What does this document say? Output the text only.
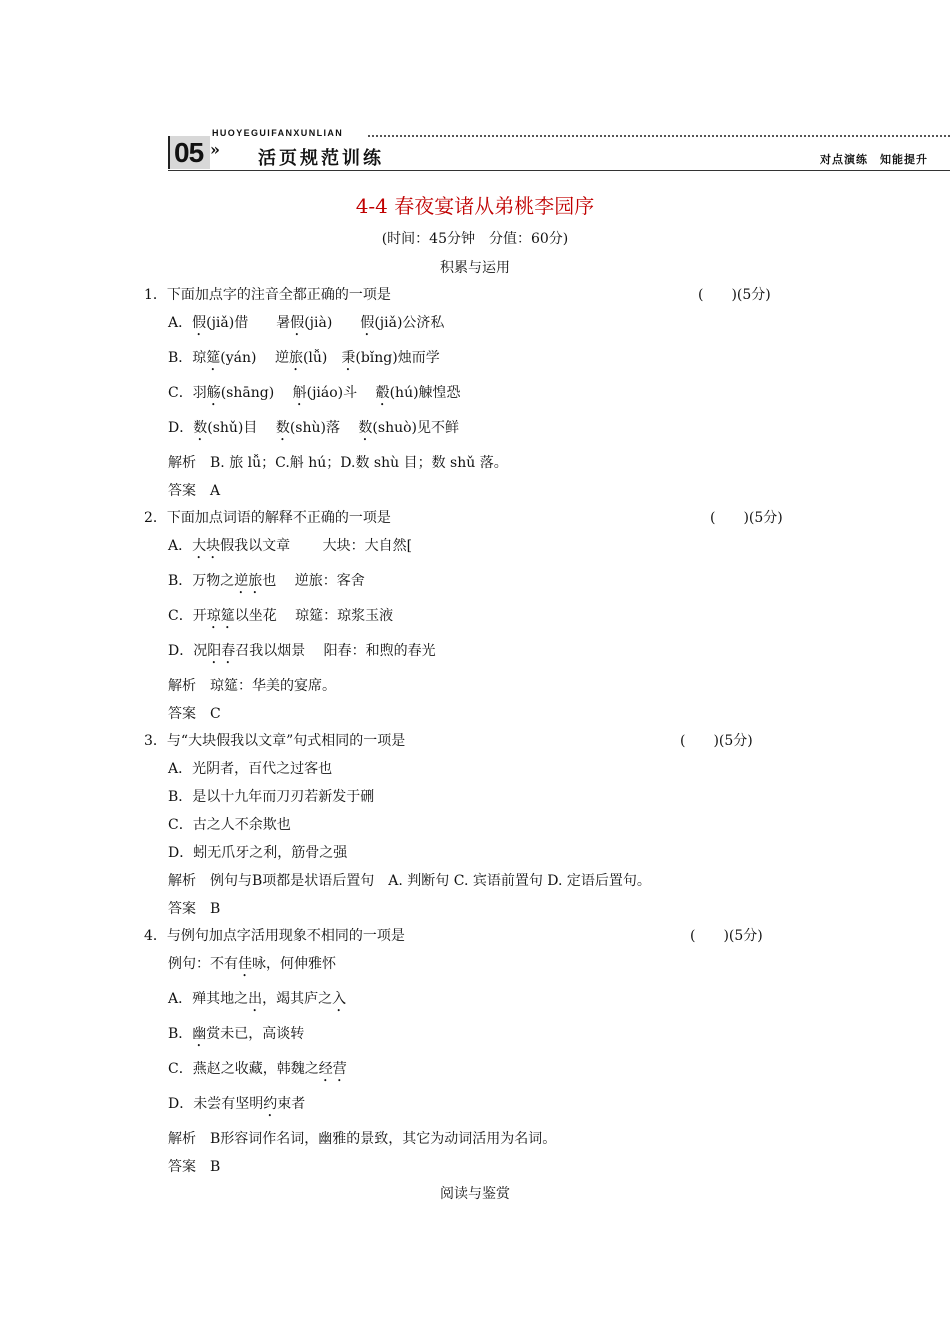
HUOYEGUIFANXUNLIAN
05 » 活页规范训练	对点演练　知能提升
4-4 春夜宴诸从弟桃李园序
(时间：45分钟　分值：60分)
积累与运用
1．下面加点字的注音全都正确的一项是	(　　)(5分)
A．假(jiǎ)借　　暑假(jià)　　假(jiǎ)公济私
B．琼筵(yán)　 逆旅(lǚ)　秉(bǐng)烛而学
C．羽觞(shāng)　 斛(jiáo)斗　 觳(hú)觫惶恐
D．数(shǔ)目　 数(shù)落　 数(shuò)见不鲜
解析　B. 旅 lǚ；C.斛 hú；D.数 shù 目；数 shǔ 落。
答案　A
2．下面加点词语的解释不正确的一项是	(　　)(5分)
A．大块假我以文章　　 大块：大自然[
B．万物之逆旅也　 逆旅：客舍
C．开琼筵以坐花　 琼筵：琼浆玉液
D．况阳春召我以烟景　 阳春：和煦的春光
解析　琼筵：华美的宴席。
答案　C
3．与“大块假我以文章”句式相同的一项是	(　　)(5分)
A．光阴者，百代之过客也
B．是以十九年而刀刃若新发于硎
C．古之人不余欺也
D．蚓无爪牙之利，筋骨之强
解析　例句与B项都是状语后置句　A. 判断句 C. 宾语前置句 D. 定语后置句。
答案　B
4．与例句加点字活用现象不相同的一项是	(　　)(5分)
例句：不有佳咏，何伸雅怀
A．殚其地之出，竭其庐之入
B．幽赏未已，高谈转
C．燕赵之收藏，韩魏之经营
D．未尝有坚明约束者
解析　B形容词作名词，幽雅的景致，其它为动词活用为名词。
答案　B
阅读与鉴赏
